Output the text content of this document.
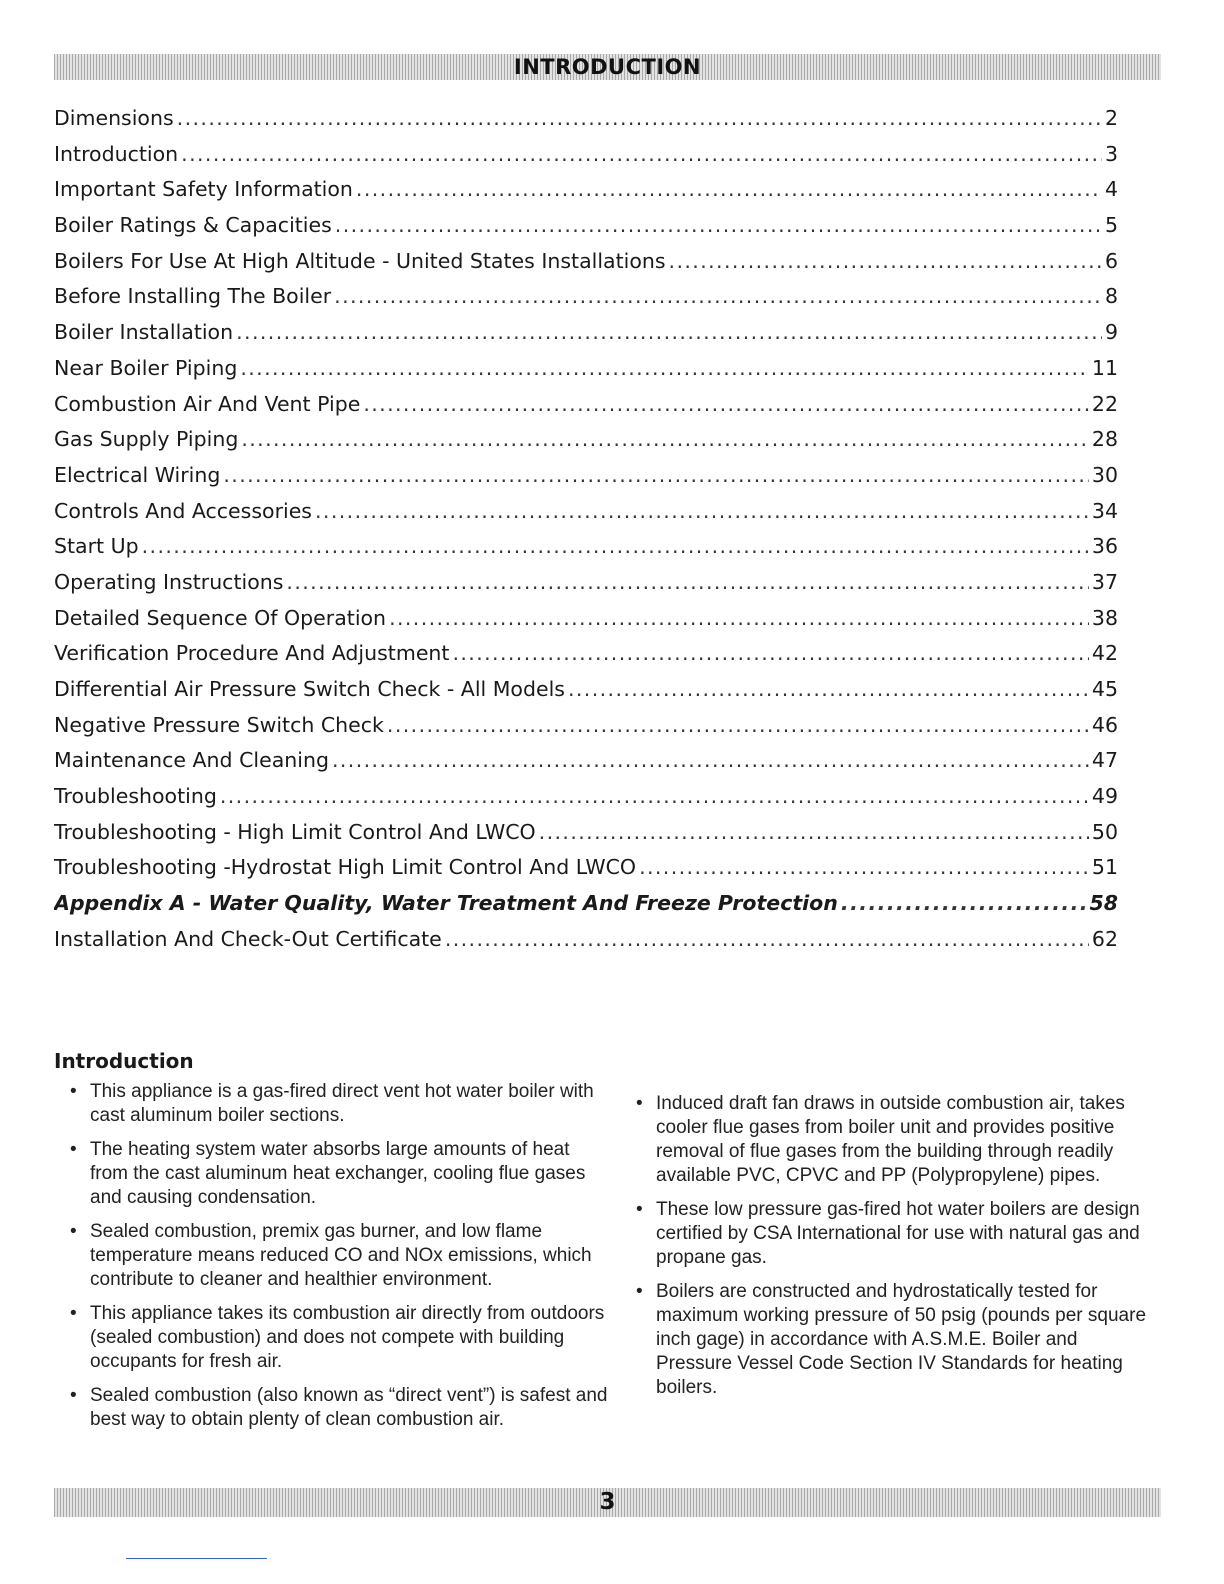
INTRODUCTION
Dimensions .....	2
Introduction .....	3
Important Safety Information .....	4
Boiler Ratings & Capacities .....	5
Boilers For Use At High Altitude - United States Installations .....	6
Before Installing The Boiler .....	8
Boiler Installation .....	9
Near Boiler Piping .....	11
Combustion Air And Vent Pipe .....	22
Gas Supply Piping .....	28
Electrical Wiring .....	30
Controls And Accessories .....	34
Start Up .....	36
Operating Instructions .....	37
Detailed Sequence Of Operation .....	38
Verification Procedure And Adjustment .....	42
Differential Air Pressure Switch Check - All Models .....	45
Negative Pressure Switch Check .....	46
Maintenance And Cleaning .....	47
Troubleshooting .....	49
Troubleshooting - High Limit Control And LWCO .....	50
Troubleshooting -Hydrostat High Limit Control And LWCO .....	51
Appendix A - Water Quality, Water Treatment And Freeze Protection .....	58
Installation And Check-Out Certificate .....	62
Introduction
• This appliance is a gas-fired direct vent hot water boiler with cast aluminum boiler sections.
• The heating system water absorbs large amounts of heat from the cast aluminum heat exchanger, cooling flue gases and causing condensation.
• Sealed combustion, premix gas burner, and low flame temperature means reduced CO and NOx emissions, which contribute to cleaner and healthier environment.
• This appliance takes its combustion air directly from outdoors (sealed combustion) and does not compete with building occupants for fresh air.
• Sealed combustion (also known as “direct vent”) is safest and best way to obtain plenty of clean combustion air.
• Induced draft fan draws in outside combustion air, takes cooler flue gases from boiler unit and provides positive removal of flue gases from the building through readily available PVC, CPVC and PP (Polypropylene) pipes.
• These low pressure gas-fired hot water boilers are design certified by CSA International for use with natural gas and propane gas.
• Boilers are constructed and hydrostatically tested for maximum working pressure of 50 psig (pounds per square inch gage) in accordance with A.S.M.E. Boiler and Pressure Vessel Code Section IV Standards for heating boilers.
3
